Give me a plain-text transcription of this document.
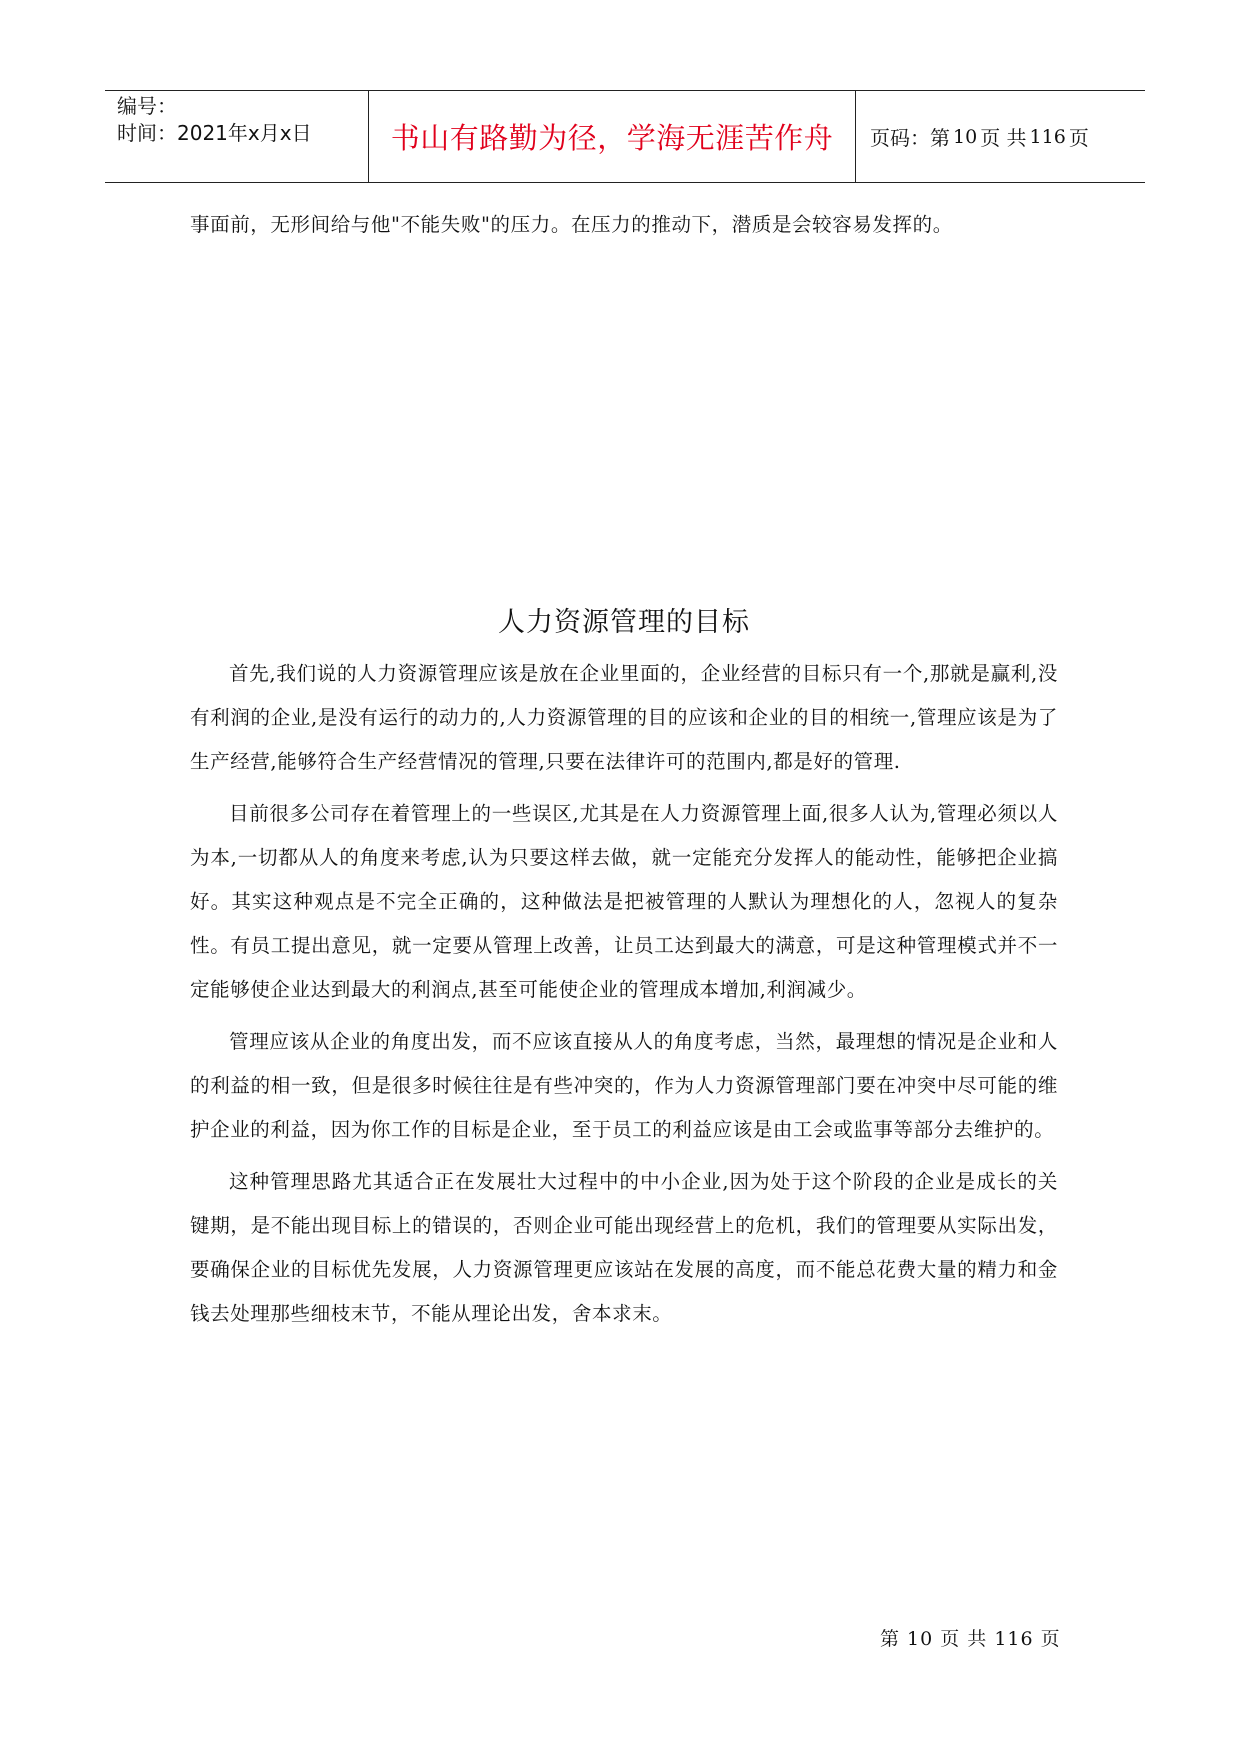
编号：
时间：2021年x月x日	书山有路勤为径，学海无涯苦作舟 页码：第 10 页 共 116 页

事面前，无形间给与他"不能失败"的压力。在压力的推动下，潜质是会较容易发挥的。

人力资源管理的目标

首先,我们说的人力资源管理应该是放在企业里面的，企业经营的目标只有一个,那就是赢利,没有利润的企业,是没有运行的动力的,人力资源管理的目的应该和企业的目的相统一,管理应该是为了生产经营,能够符合生产经营情况的管理,只要在法律许可的范围内,都是好的管理.

目前很多公司存在着管理上的一些误区,尤其是在人力资源管理上面,很多人认为,管理必须以人为本,一切都从人的角度来考虑,认为只要这样去做，就一定能充分发挥人的能动性，能够把企业搞好。其实这种观点是不完全正确的，这种做法是把被管理的人默认为理想化的人，忽视人的复杂性。有员工提出意见，就一定要从管理上改善，让员工达到最大的满意，可是这种管理模式并不一定能够使企业达到最大的利润点,甚至可能使企业的管理成本增加,利润减少。

管理应该从企业的角度出发，而不应该直接从人的角度考虑，当然，最理想的情况是企业和人的利益的相一致，但是很多时候往往是有些冲突的，作为人力资源管理部门要在冲突中尽可能的维护企业的利益，因为你工作的目标是企业，至于员工的利益应该是由工会或监事等部分去维护的。

这种管理思路尤其适合正在发展壮大过程中的中小企业,因为处于这个阶段的企业是成长的关键期，是不能出现目标上的错误的，否则企业可能出现经营上的危机，我们的管理要从实际出发，要确保企业的目标优先发展，人力资源管理更应该站在发展的高度，而不能总花费大量的精力和金钱去处理那些细枝末节，不能从理论出发，舍本求末。

第 10 页 共 116 页
